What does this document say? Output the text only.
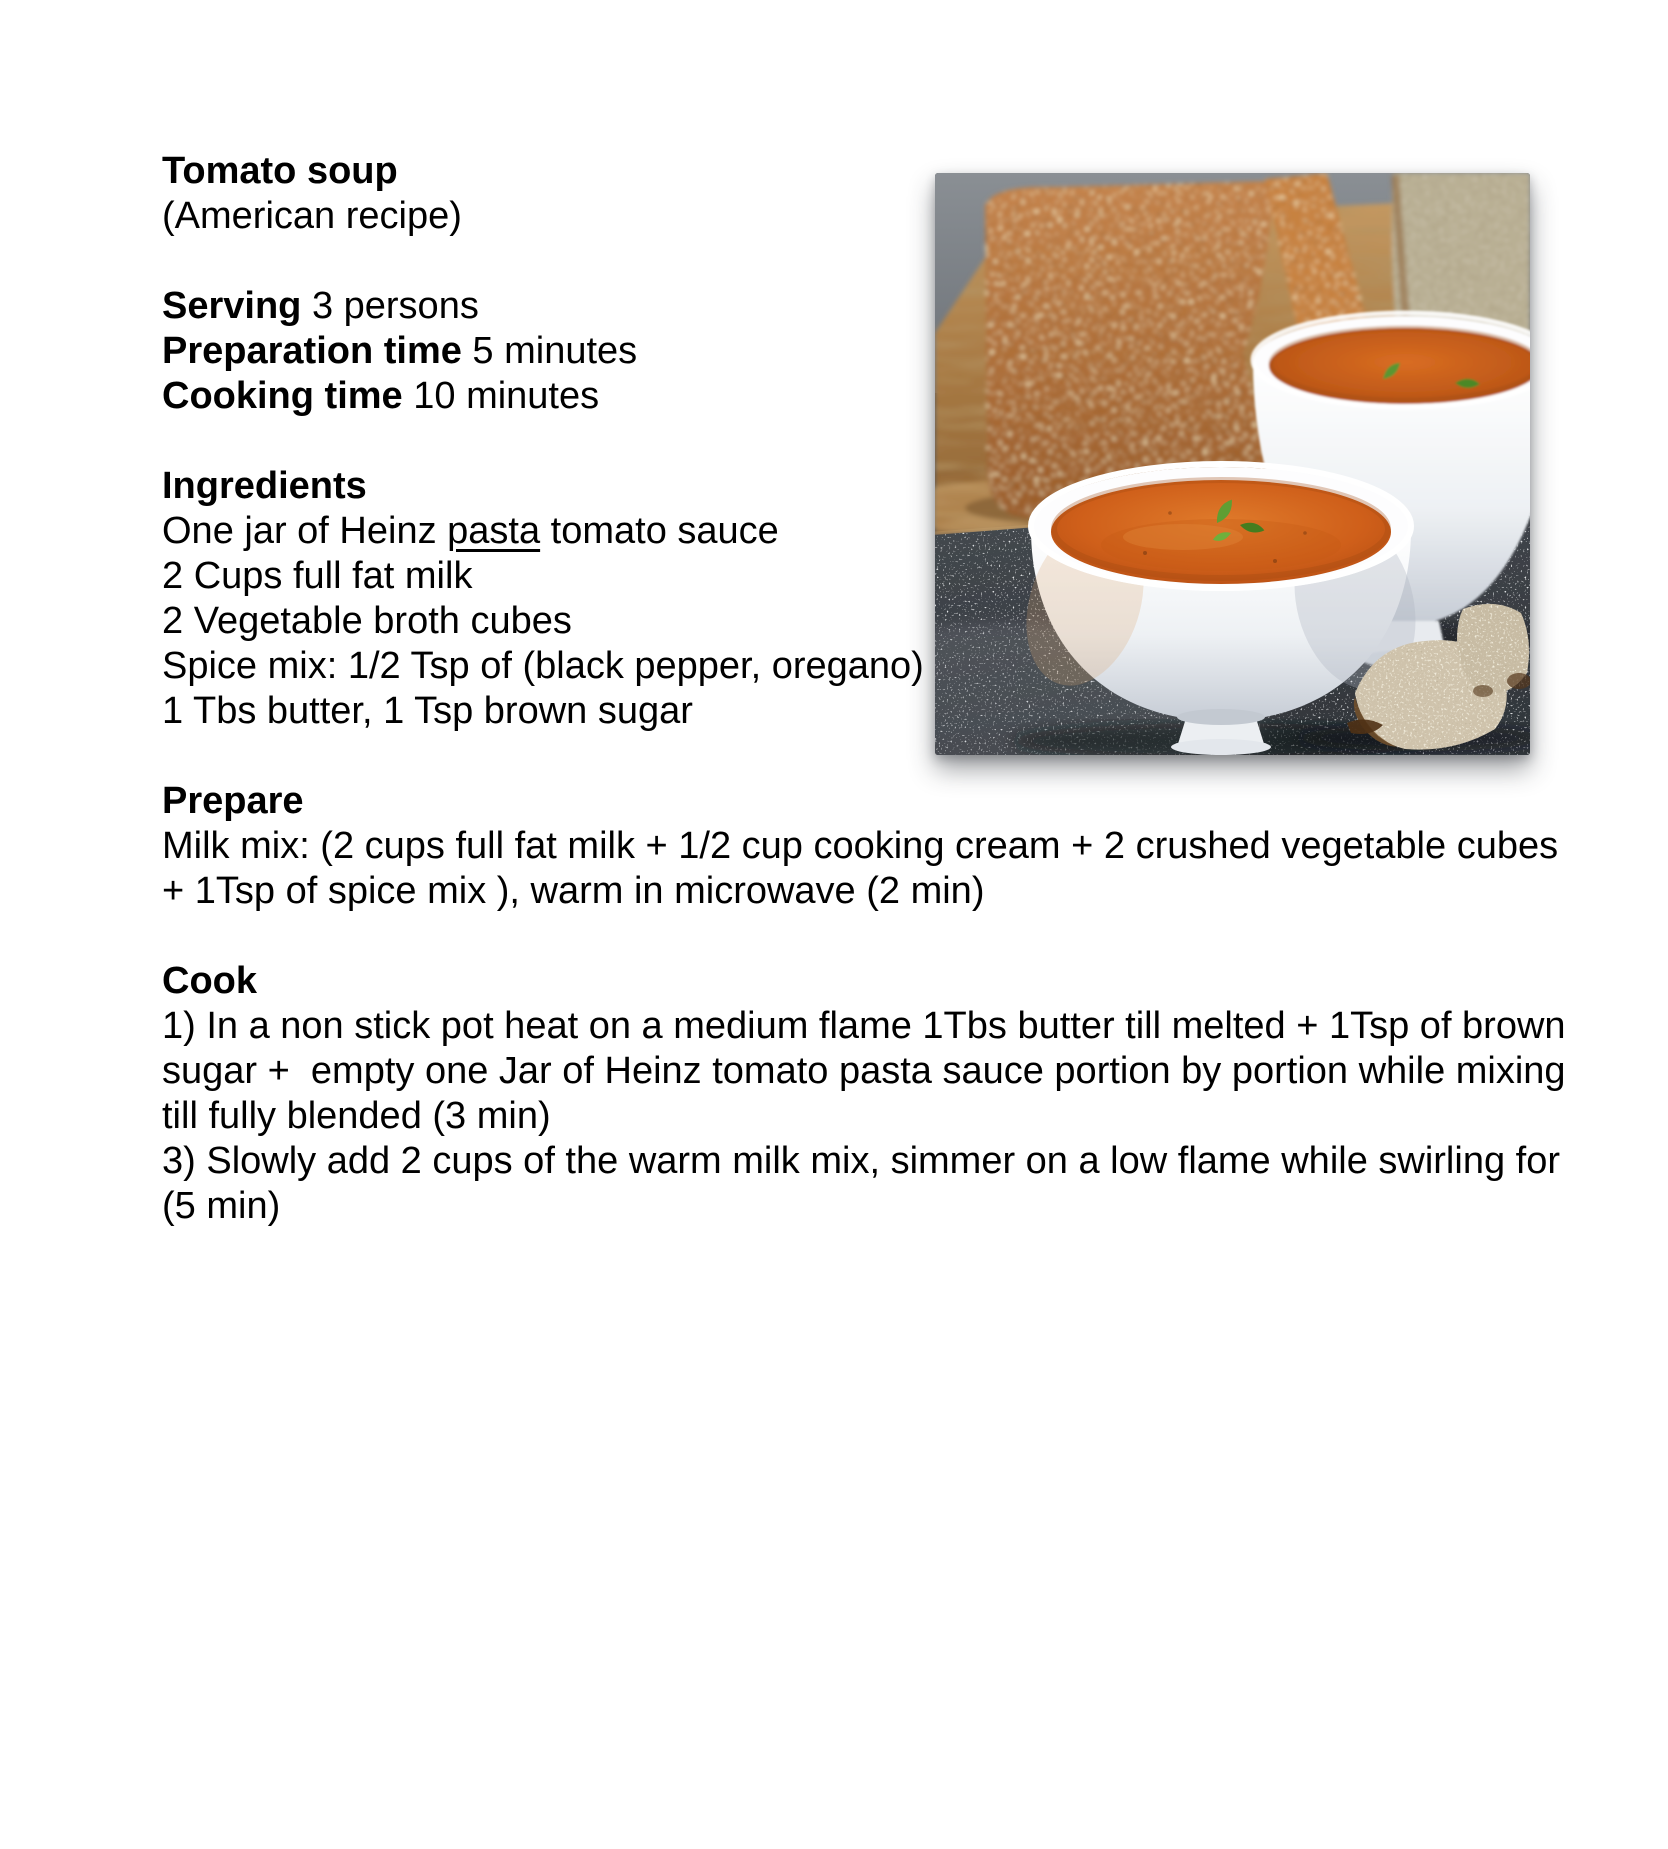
Tomato soup
(American recipe)
Serving 3 persons
Preparation time 5 minutes
Cooking time 10 minutes
Ingredients
One jar of Heinz pasta tomato sauce
2 Cups full fat milk
2 Vegetable broth cubes
Spice mix: 1/2 Tsp of (black pepper, oregano)
1 Tbs butter, 1 Tsp brown sugar
Prepare
Milk mix: (2 cups full fat milk + 1/2 cup cooking cream + 2 crushed vegetable cubes
+ 1Tsp of spice mix ), warm in microwave (2 min)
Cook
1) In a non stick pot heat on a medium flame 1Tbs butter till melted + 1Tsp of brown
sugar +  empty one Jar of Heinz tomato pasta sauce portion by portion while mixing
till fully blended (3 min)
3) Slowly add 2 cups of the warm milk mix, simmer on a low flame while swirling for
(5 min)
